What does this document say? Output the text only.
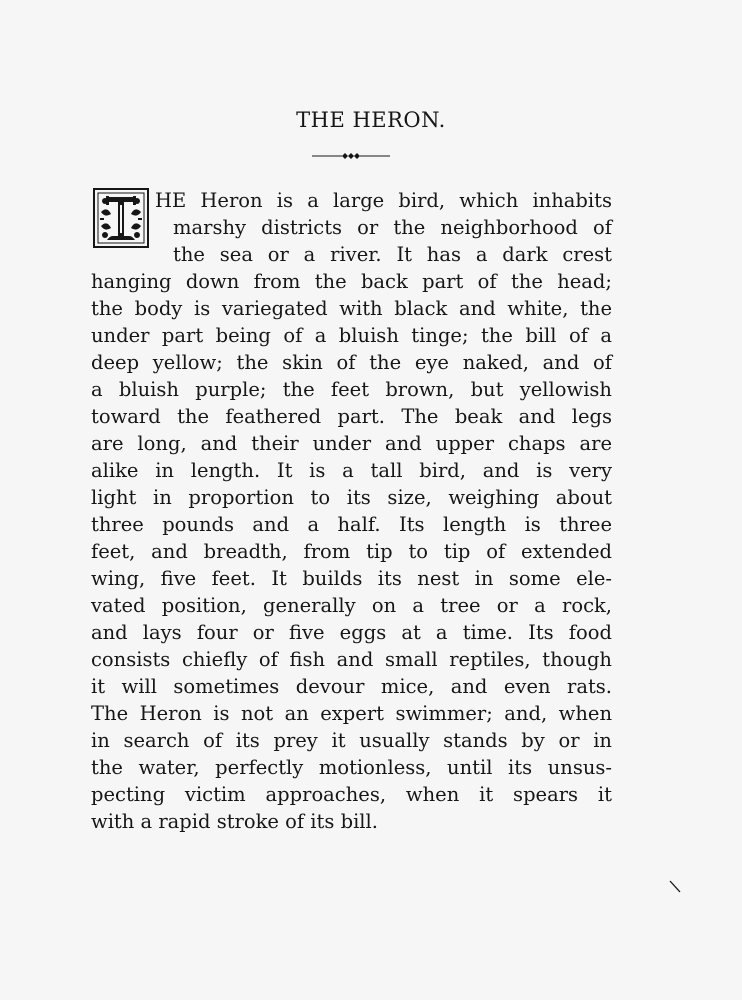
THE HERON.

HE Heron is a large bird, which inhabits

marshy districts or the neighborhood of

the sea or a river. It has a dark crest

hanging down from the back part of the head;

the body is variegated with black and white, the

under part being of a bluish tinge; the bill of a

deep yellow; the skin of the eye naked, and of

a bluish purple; the feet brown, but yellowish

toward the feathered part. The beak and legs

are long, and their under and upper chaps are

alike in length. It is a tall bird, and is very

light in proportion to its size, weighing about

three pounds and a half. Its length is three

feet, and breadth, from tip to tip of extended

wing, five feet. It builds its nest in some ele-

vated position, generally on a tree or a rock,

and lays four or five eggs at a time. Its food

consists chiefly of fish and small reptiles, though

it will sometimes devour mice, and even rats.

The Heron is not an expert swimmer; and, when

in search of its prey it usually stands by or in

the water, perfectly motionless, until its unsus-

pecting victim approaches, when it spears it

with a rapid stroke of its bill.
